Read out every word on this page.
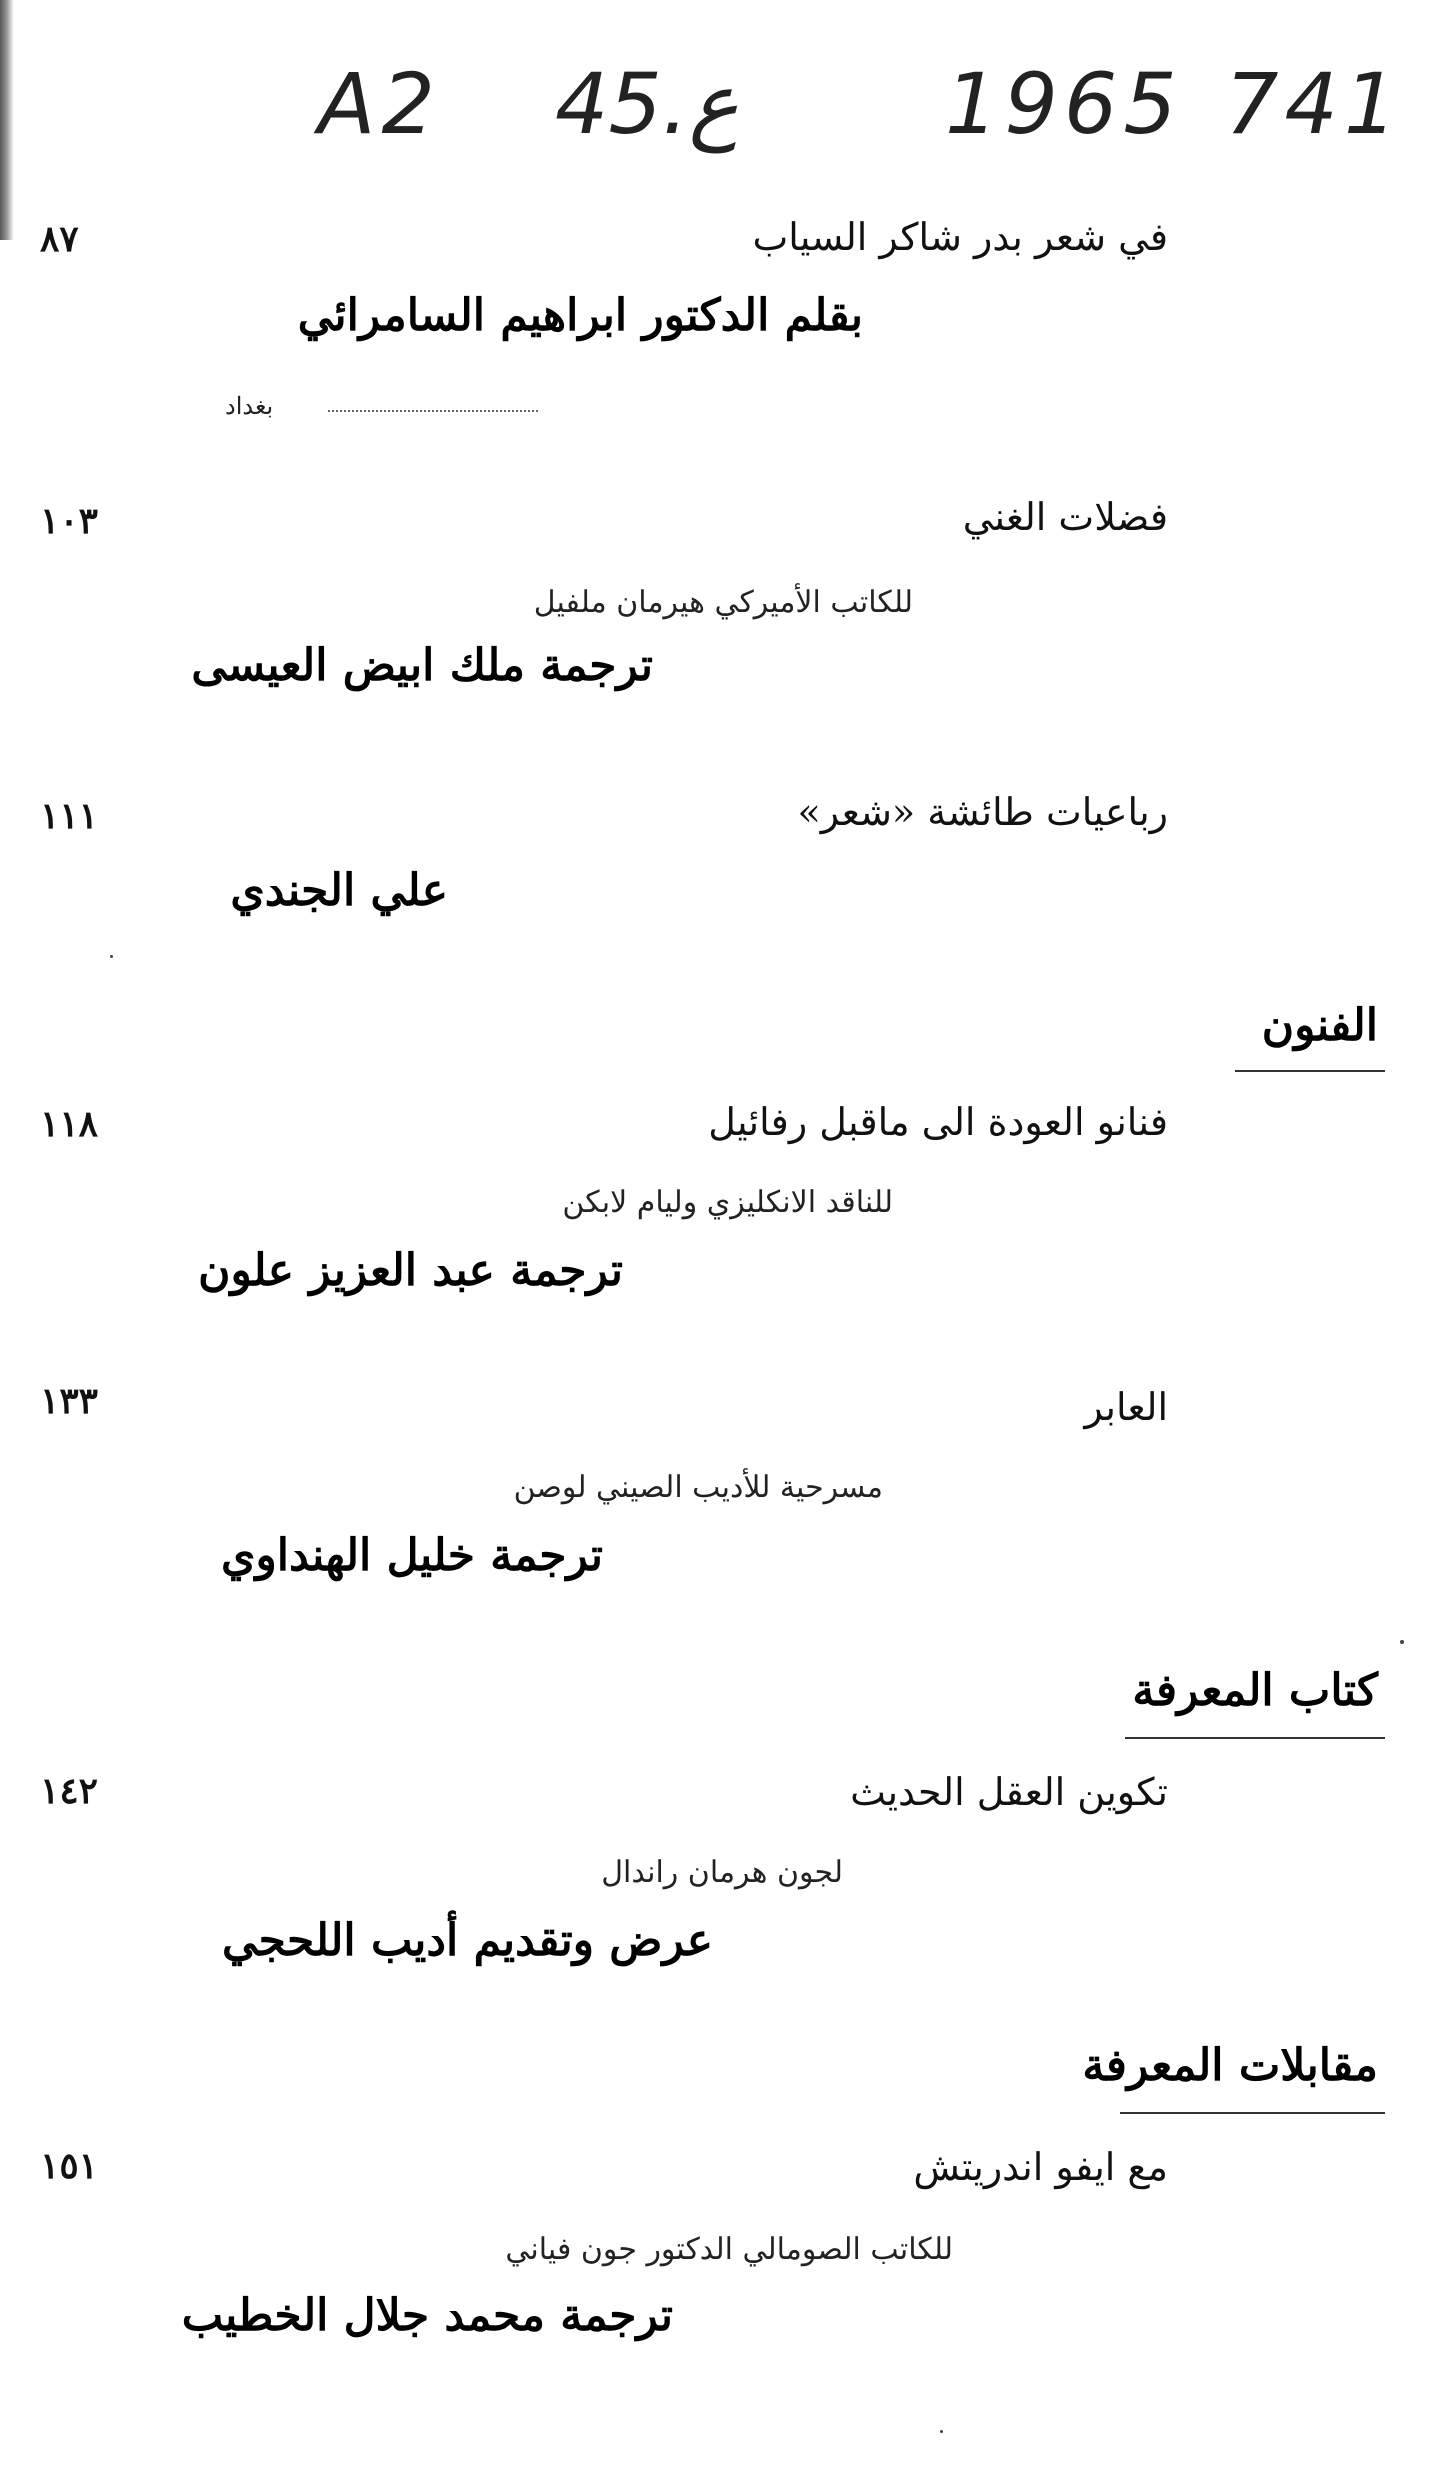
A2 45.ع 1965 741
٨٧	في شعر بدر شاكر السياب
بقلم الدكتور ابراهيم السامرائي
بغداد
١٠٣	فضلات الغني
للكاتب الأميركي هيرمان ملفيل
ترجمة ملك ابيض العيسى
١١١	رباعيات طائشة «شعر»
علي الجندي
الفنون
١١٨	فنانو العودة الى ماقبل رفائيل
للناقد الانكليزي وليام لابكن
ترجمة عبد العزيز علون
١٣٣	العابر
مسرحية للأديب الصيني لوصن
ترجمة خليل الهنداوي
كتاب المعرفة
١٤٢	تكوين العقل الحديث
لجون هرمان راندال
عرض وتقديم أديب اللحجي
مقابلات المعرفة
١٥١	مع ايفو اندريتش
للكاتب الصومالي الدكتور جون فياني
ترجمة محمد جلال الخطيب
